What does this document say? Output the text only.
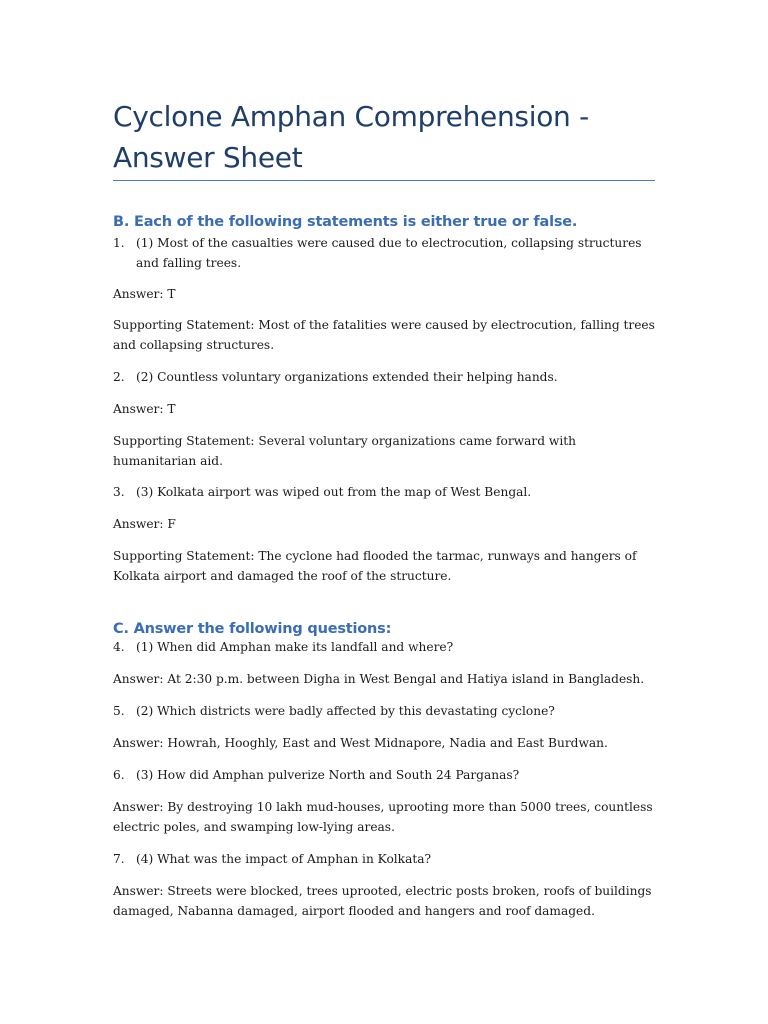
Cyclone Amphan Comprehension - Answer Sheet
B. Each of the following statements is either true or false.
1. (1) Most of the casualties were caused due to electrocution, collapsing structures and falling trees.

Answer: T

Supporting Statement: Most of the fatalities were caused by electrocution, falling trees and collapsing structures.

2. (2) Countless voluntary organizations extended their helping hands.

Answer: T

Supporting Statement: Several voluntary organizations came forward with humanitarian aid.

3. (3) Kolkata airport was wiped out from the map of West Bengal.

Answer: F

Supporting Statement: The cyclone had flooded the tarmac, runways and hangers of Kolkata airport and damaged the roof of the structure.

C. Answer the following questions:
4. (1) When did Amphan make its landfall and where?

Answer: At 2:30 p.m. between Digha in West Bengal and Hatiya island in Bangladesh.

5. (2) Which districts were badly affected by this devastating cyclone?

Answer: Howrah, Hooghly, East and West Midnapore, Nadia and East Burdwan.

6. (3) How did Amphan pulverize North and South 24 Parganas?

Answer: By destroying 10 lakh mud-houses, uprooting more than 5000 trees, countless electric poles, and swamping low-lying areas.

7. (4) What was the impact of Amphan in Kolkata?

Answer: Streets were blocked, trees uprooted, electric posts broken, roofs of buildings damaged, Nabanna damaged, airport flooded and hangers and roof damaged.
